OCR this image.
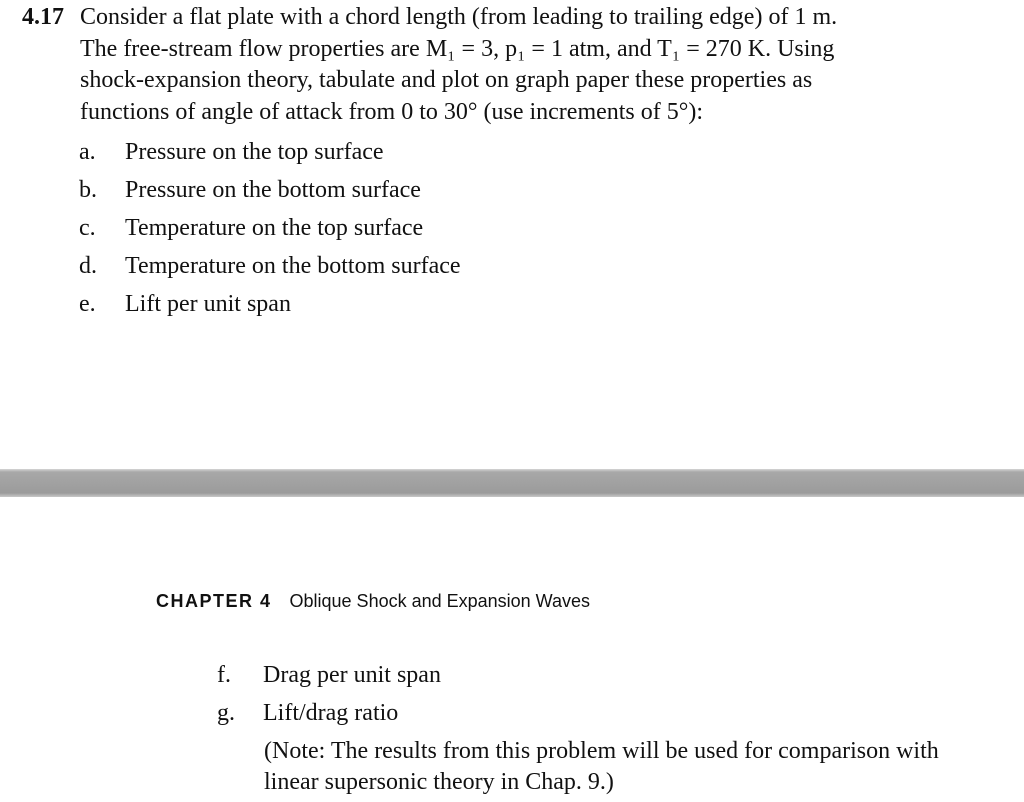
4.17 Consider a flat plate with a chord length (from leading to trailing edge) of 1 m.
The free-stream flow properties are M₁ = 3, p₁ = 1 atm, and T₁ = 270 K. Using
shock-expansion theory, tabulate and plot on graph paper these properties as
functions of angle of attack from 0 to 30° (use increments of 5°):
a. Pressure on the top surface
b. Pressure on the bottom surface
c. Temperature on the top surface
d. Temperature on the bottom surface
e. Lift per unit span
CHAPTER 4 Oblique Shock and Expansion Waves
f. Drag per unit span
g. Lift/drag ratio
(Note: The results from this problem will be used for comparison with
linear supersonic theory in Chap. 9.)
